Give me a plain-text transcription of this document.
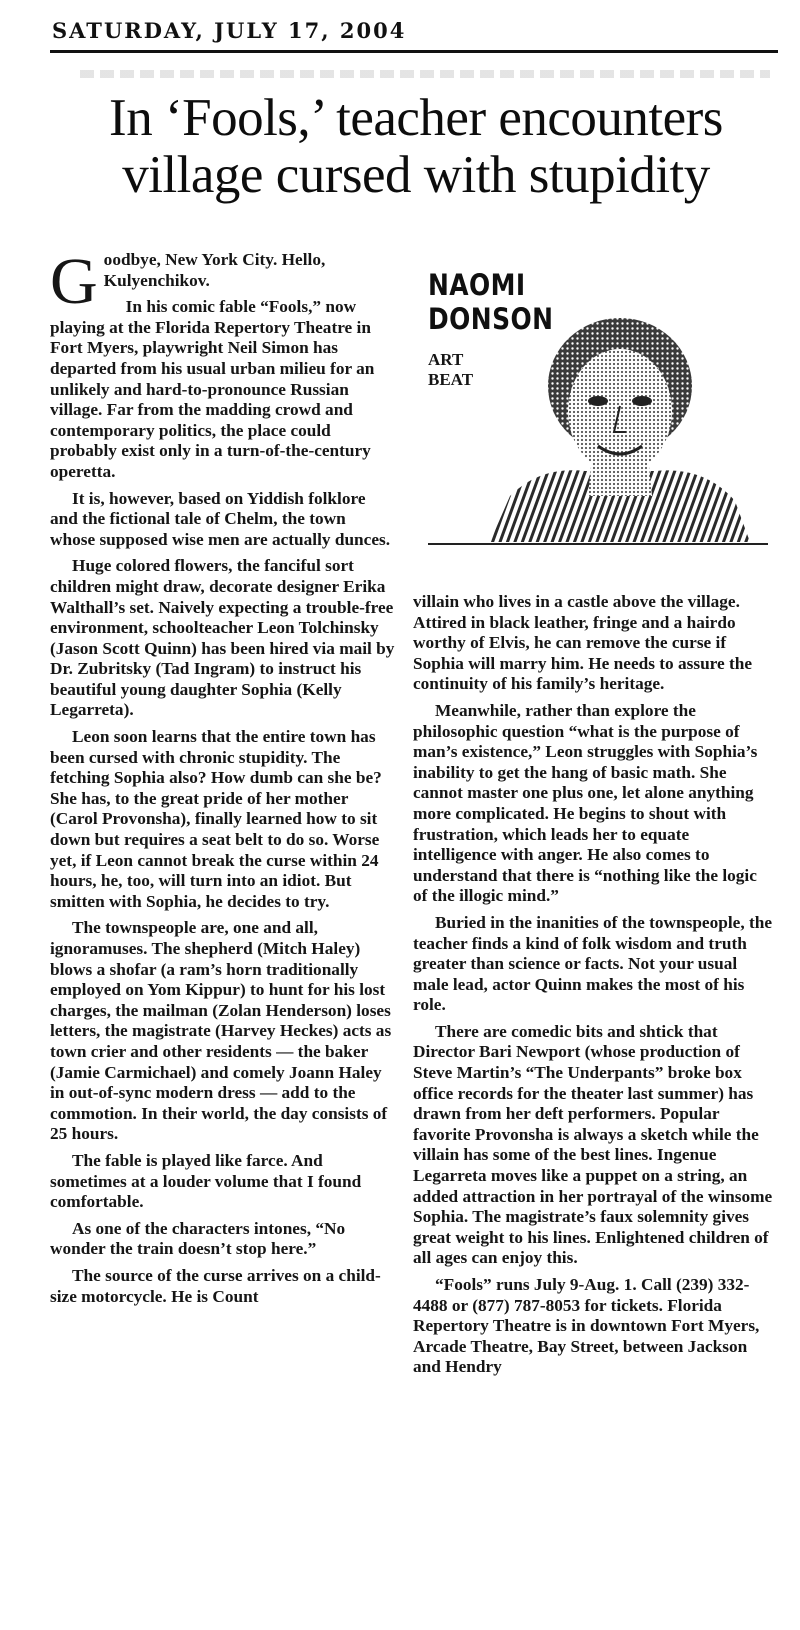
SATURDAY, JULY 17, 2004
In ‘Fools,’ teacher encounters village cursed with stupidity

Goodbye, New York City. Hello, Kulyenchikov.

In his comic fable “Fools,” now playing at the Florida Repertory Theatre in Fort Myers, playwright Neil Simon has departed from his usual urban milieu for an unlikely and hard-to-pronounce Russian village. Far from the madding crowd and contemporary politics, the place could probably exist only in a turn-of-the-century operetta.

It is, however, based on Yiddish folklore and the fictional tale of Chelm, the town whose supposed wise men are actually dunces.

Huge colored flowers, the fanciful sort children might draw, decorate designer Erika Walthall’s set. Naively expecting a trouble-free environment, schoolteacher Leon Tolchinsky (Jason Scott Quinn) has been hired via mail by Dr. Zubritsky (Tad Ingram) to instruct his beautiful young daughter Sophia (Kelly Legarreta).

Leon soon learns that the entire town has been cursed with chronic stupidity. The fetching Sophia also? How dumb can she be? She has, to the great pride of her mother (Carol Provonsha), finally learned how to sit down but requires a seat belt to do so. Worse yet, if Leon cannot break the curse within 24 hours, he, too, will turn into an idiot. But smitten with Sophia, he decides to try.

The townspeople are, one and all, ignoramuses. The shepherd (Mitch Haley) blows a shofar (a ram’s horn traditionally employed on Yom Kippur) to hunt for his lost charges, the mailman (Zolan Henderson) loses letters, the magistrate (Harvey Heckes) acts as town crier and other residents — the baker (Jamie Carmichael) and comely Joann Haley in out-of-sync modern dress — add to the commotion. In their world, the day consists of 25 hours.

The fable is played like farce. And sometimes at a louder volume that I found comfortable.

As one of the characters intones, “No wonder the train doesn’t stop here.”

The source of the curse arrives on a child-size motorcycle. He is Count

NAOMI
DONSON
ART
BEAT

villain who lives in a castle above the village. Attired in black leather, fringe and a hairdo worthy of Elvis, he can remove the curse if Sophia will marry him. He needs to assure the continuity of his family’s heritage.

Meanwhile, rather than explore the philosophic question “what is the purpose of man’s existence,” Leon struggles with Sophia’s inability to get the hang of basic math. She cannot master one plus one, let alone anything more complicated. He begins to shout with frustration, which leads her to equate intelligence with anger. He also comes to understand that there is “nothing like the logic of the illogic mind.”

Buried in the inanities of the townspeople, the teacher finds a kind of folk wisdom and truth greater than science or facts. Not your usual male lead, actor Quinn makes the most of his role.

There are comedic bits and shtick that Director Bari Newport (whose production of Steve Martin’s “The Underpants” broke box office records for the theater last summer) has drawn from her deft performers. Popular favorite Provonsha is always a sketch while the villain has some of the best lines. Ingenue Legarreta moves like a puppet on a string, an added attraction in her portrayal of the winsome Sophia. The magistrate’s faux solemnity gives great weight to his lines. Enlightened children of all ages can enjoy this.

“Fools” runs July 9-Aug. 1. Call (239) 332-4488 or (877) 787-8053 for tickets. Florida Repertory Theatre is in downtown Fort Myers, Arcade Theatre, Bay Street, between Jackson and Hendry
